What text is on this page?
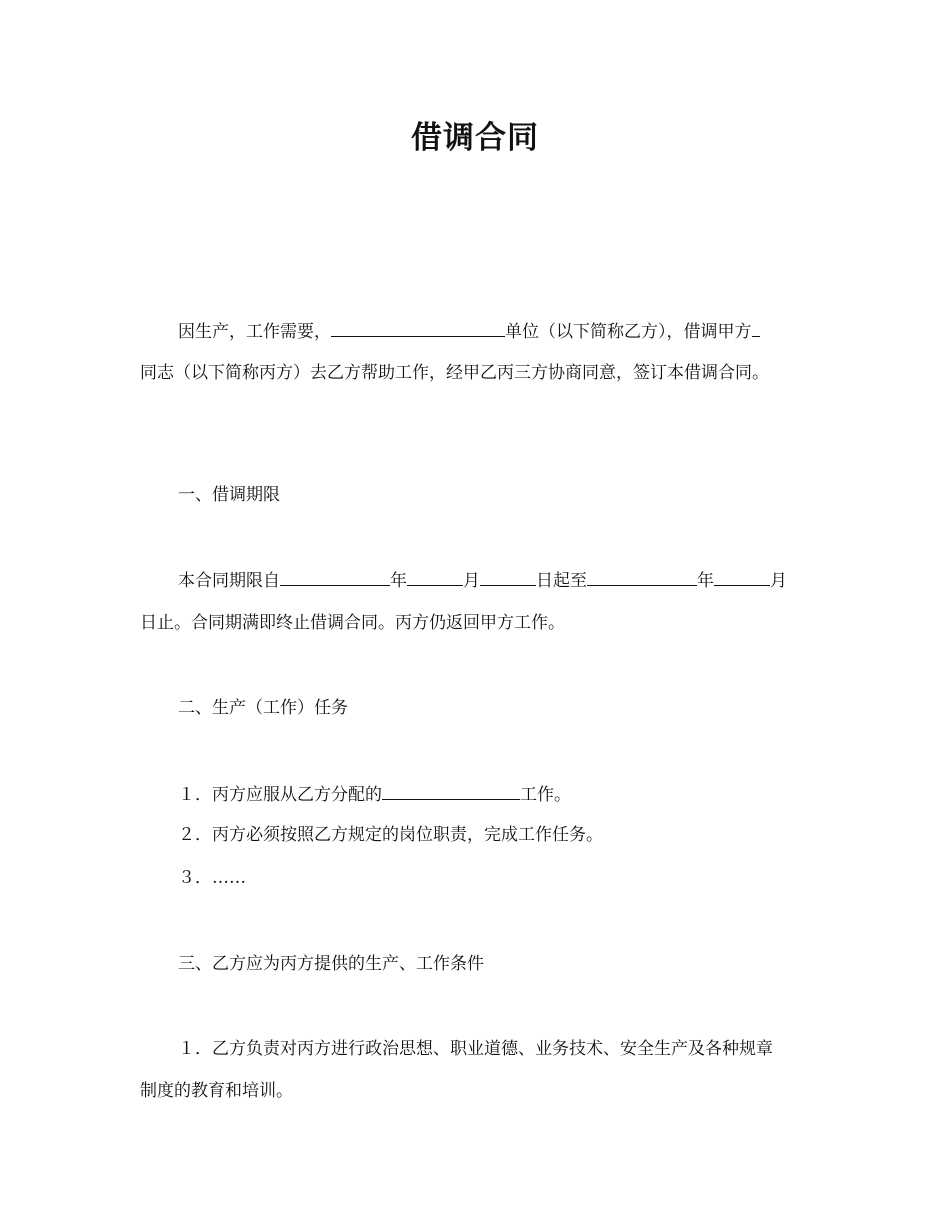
借调合同
因生产，工作需要，	单位（以下简称乙方），借调甲方
同志（以下简称丙方）去乙方帮助工作，经甲乙丙三方协商同意，签订本借调合同。
一、借调期限
本合同期限自	年	月	日起至	年	月
日止。合同期满即终止借调合同。丙方仍返回甲方工作。
二、生产（工作）任务
１．丙方应服从乙方分配的	工作。
２．丙方必须按照乙方规定的岗位职责，完成工作任务。
３．……
三、乙方应为丙方提供的生产、工作条件
１．乙方负责对丙方进行政治思想、职业道德、业务技术、安全生产及各种规章
制度的教育和培训。
